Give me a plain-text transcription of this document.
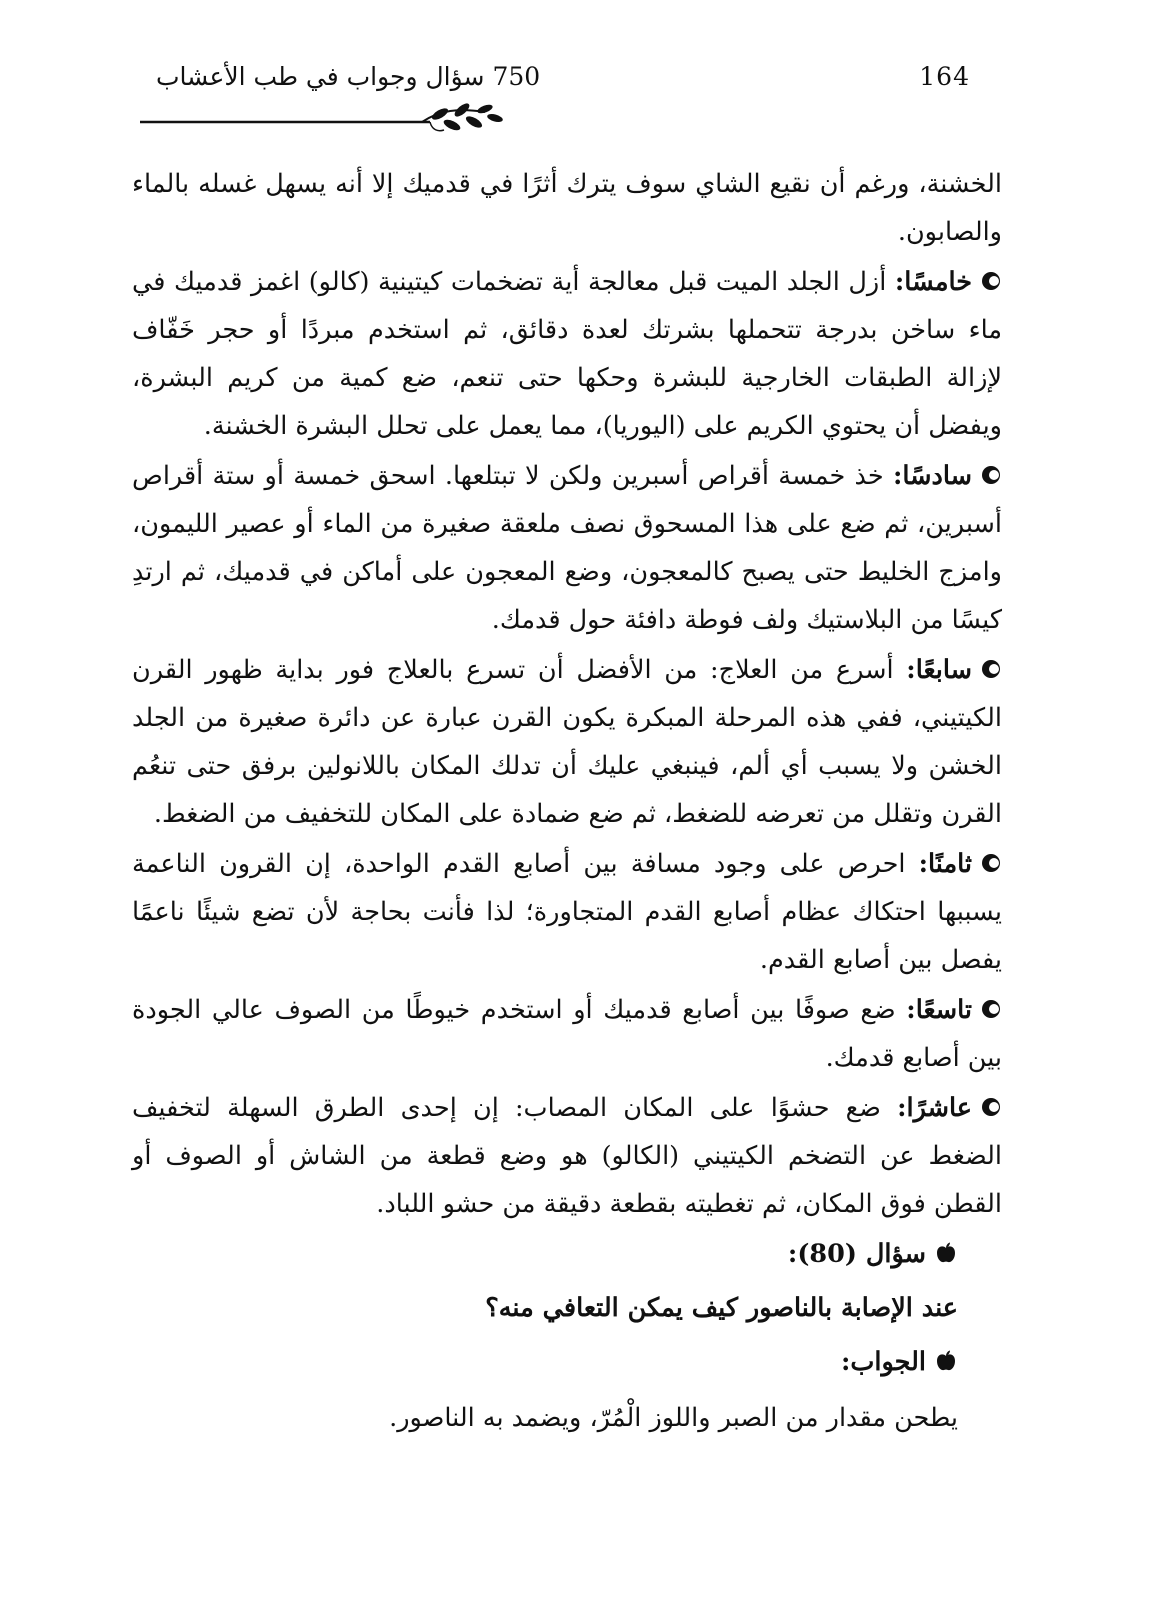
164
750 سؤال وجواب في طب الأعشاب

الخشنة، ورغم أن نقيع الشاي سوف يترك أثرًا في قدميك إلا أنه يسهل غسله بالماء والصابون.

خامسًا: أزل الجلد الميت قبل معالجة أية تضخمات كيتينية (كالو) اغمز قدميك في ماء ساخن بدرجة تتحملها بشرتك لعدة دقائق، ثم استخدم مبردًا أو حجر خَفّاف لإزالة الطبقات الخارجية للبشرة وحكها حتى تنعم، ضع كمية من كريم البشرة، ويفضل أن يحتوي الكريم على (اليوريا)، مما يعمل على تحلل البشرة الخشنة.

سادسًا: خذ خمسة أقراص أسبرين ولكن لا تبتلعها. اسحق خمسة أو ستة أقراص أسبرين، ثم ضع على هذا المسحوق نصف ملعقة صغيرة من الماء أو عصير الليمون، وامزج الخليط حتى يصبح كالمعجون، وضع المعجون على أماكن في قدميك، ثم ارتدِ كيسًا من البلاستيك ولف فوطة دافئة حول قدمك.

سابعًا: أسرع من العلاج: من الأفضل أن تسرع بالعلاج فور بداية ظهور القرن الكيتيني، ففي هذه المرحلة المبكرة يكون القرن عبارة عن دائرة صغيرة من الجلد الخشن ولا يسبب أي ألم، فينبغي عليك أن تدلك المكان باللانولين برفق حتى تنعُم القرن وتقلل من تعرضه للضغط، ثم ضع ضمادة على المكان للتخفيف من الضغط.

ثامنًا: احرص على وجود مسافة بين أصابع القدم الواحدة، إن القرون الناعمة يسببها احتكاك عظام أصابع القدم المتجاورة؛ لذا فأنت بحاجة لأن تضع شيئًا ناعمًا يفصل بين أصابع القدم.

تاسعًا: ضع صوفًا بين أصابع قدميك أو استخدم خيوطًا من الصوف عالي الجودة بين أصابع قدمك.

عاشرًا: ضع حشوًا على المكان المصاب: إن إحدى الطرق السهلة لتخفيف الضغط عن التضخم الكيتيني (الكالو) هو وضع قطعة من الشاش أو الصوف أو القطن فوق المكان، ثم تغطيته بقطعة دقيقة من حشو اللباد.

سؤال (80):

عند الإصابة بالناصور كيف يمكن التعافي منه؟

الجواب:

يطحن مقدار من الصبر واللوز الْمُرّ، ويضمد به الناصور.
